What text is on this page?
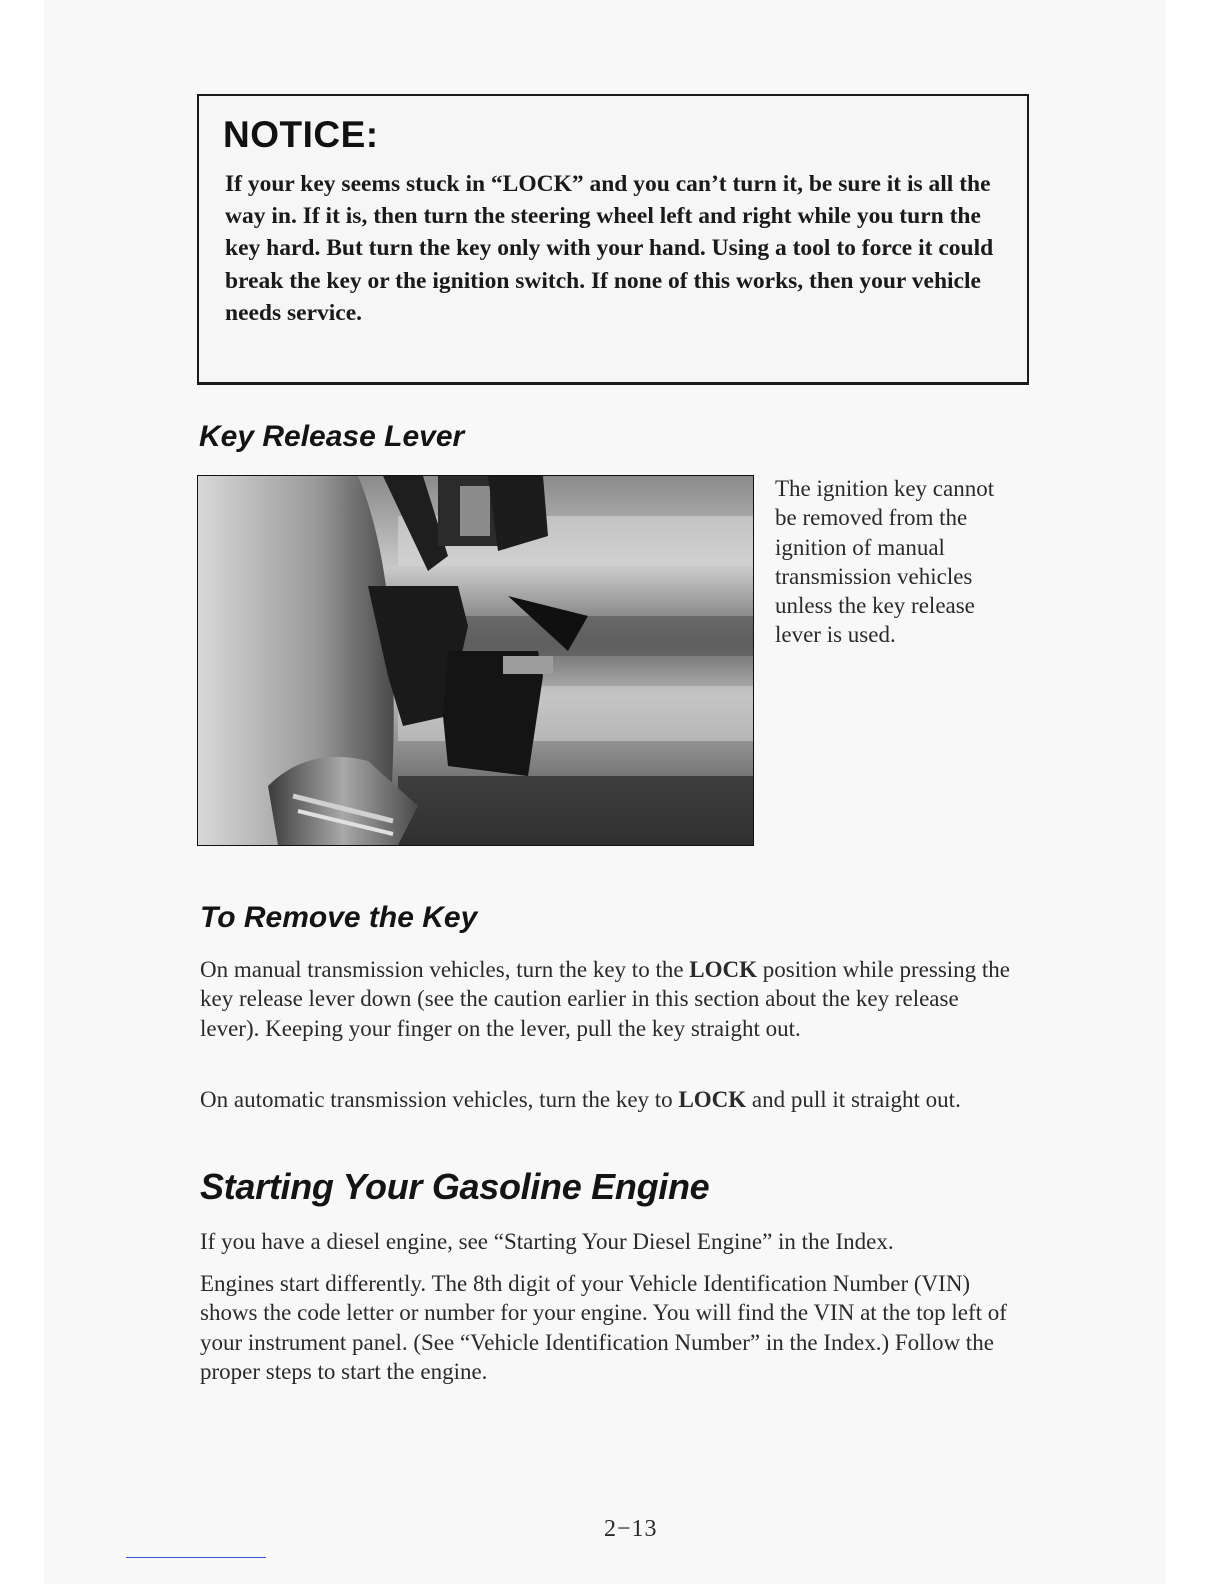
NOTICE:

If your key seems stuck in “LOCK” and you can’t turn it, be sure it is all the way in. If it is, then turn the steering wheel left and right while you turn the key hard. But turn the key only with your hand. Using a tool to force it could break the key or the ignition switch. If none of this works, then your vehicle needs service.

Key Release Lever

The ignition key cannot be removed from the ignition of manual transmission vehicles unless the key release lever is used.

To Remove the Key

On manual transmission vehicles, turn the key to the LOCK position while pressing the key release lever down (see the caution earlier in this section about the key release lever). Keeping your finger on the lever, pull the key straight out.

On automatic transmission vehicles, turn the key to LOCK and pull it straight out.

Starting Your Gasoline Engine

If you have a diesel engine, see “Starting Your Diesel Engine” in the Index.

Engines start differently. The 8th digit of your Vehicle Identification Number (VIN) shows the code letter or number for your engine. You will find the VIN at the top left of your instrument panel. (See “Vehicle Identification Number” in the Index.) Follow the proper steps to start the engine.

2−13
